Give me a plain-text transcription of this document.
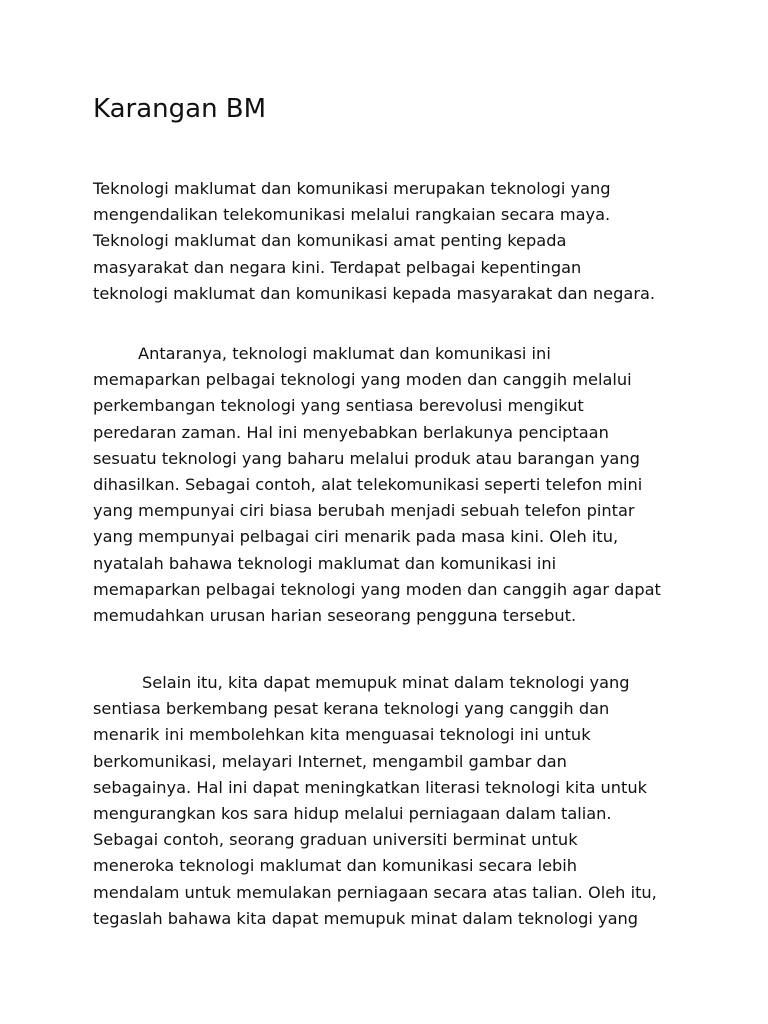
Karangan BM
Teknologi maklumat dan komunikasi merupakan teknologi yang
mengendalikan telekomunikasi melalui rangkaian secara maya.
Teknologi maklumat dan komunikasi amat penting kepada
masyarakat dan negara kini. Terdapat pelbagai kepentingan
teknologi maklumat dan komunikasi kepada masyarakat dan negara.
Antaranya, teknologi maklumat dan komunikasi ini
memaparkan pelbagai teknologi yang moden dan canggih melalui
perkembangan teknologi yang sentiasa berevolusi mengikut
peredaran zaman. Hal ini menyebabkan berlakunya penciptaan
sesuatu teknologi yang baharu melalui produk atau barangan yang
dihasilkan. Sebagai contoh, alat telekomunikasi seperti telefon mini
yang mempunyai ciri biasa berubah menjadi sebuah telefon pintar
yang mempunyai pelbagai ciri menarik pada masa kini. Oleh itu,
nyatalah bahawa teknologi maklumat dan komunikasi ini
memaparkan pelbagai teknologi yang moden dan canggih agar dapat
memudahkan urusan harian seseorang pengguna tersebut.
Selain itu, kita dapat memupuk minat dalam teknologi yang
sentiasa berkembang pesat kerana teknologi yang canggih dan
menarik ini membolehkan kita menguasai teknologi ini untuk
berkomunikasi, melayari Internet, mengambil gambar dan
sebagainya. Hal ini dapat meningkatkan literasi teknologi kita untuk
mengurangkan kos sara hidup melalui perniagaan dalam talian.
Sebagai contoh, seorang graduan universiti berminat untuk
meneroka teknologi maklumat dan komunikasi secara lebih
mendalam untuk memulakan perniagaan secara atas talian. Oleh itu,
tegaslah bahawa kita dapat memupuk minat dalam teknologi yang
